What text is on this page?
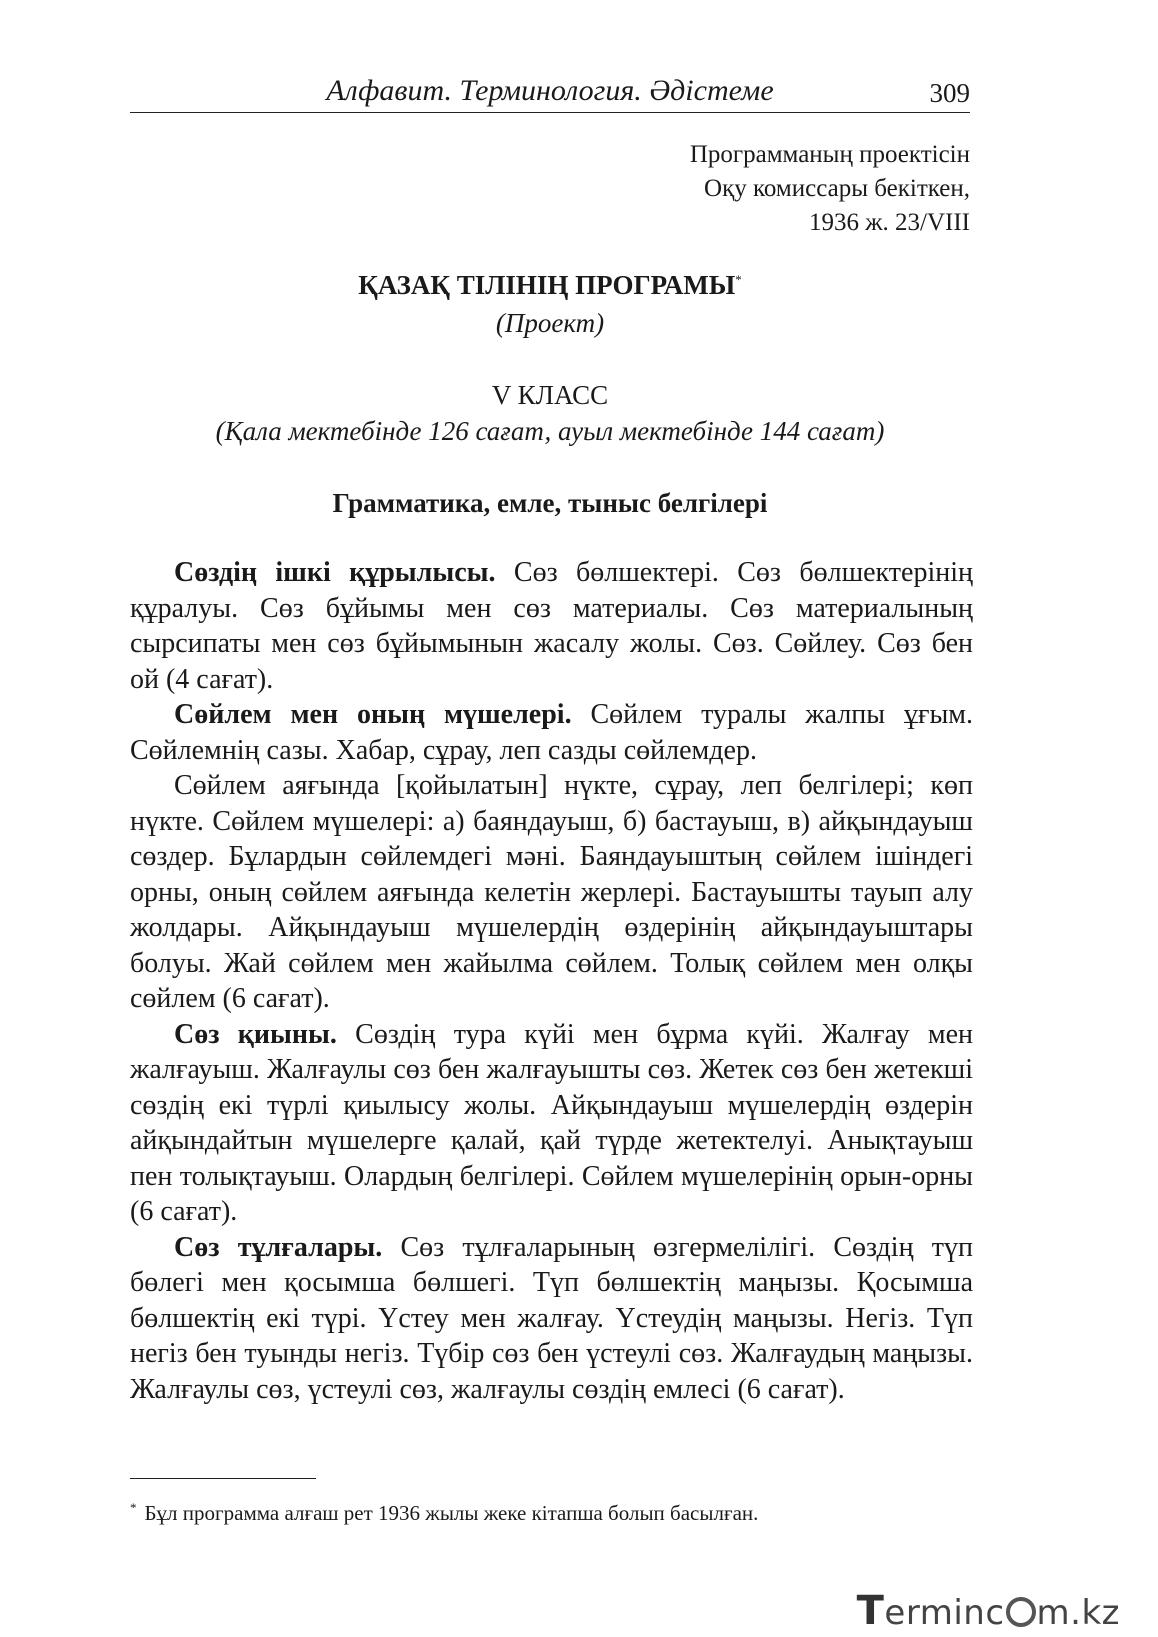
Алфавит. Терминология. Әдістеме	309
Программаның проектісін
Оқу комиссары бекіткен,
1936 ж. 23/VIII
ҚАЗАҚ ТІЛІНІҢ ПРОГРАМЫ*
(Проект)
V КЛАСС
(Қала мектебінде 126 сағат, ауыл мектебінде 144 сағат)
Грамматика, емле, тыныс белгілері

Сөздің ішкі құрылысы. Сөз бөлшектері. Сөз бөлшектерінің құралуы. Сөз бұйымы мен сөз материалы. Сөз материалының сырсипаты мен сөз бұйымынын жасалу жолы. Сөз. Сөйлеу. Сөз бен ой (4 сағат).

Сөйлем мен оның мүшелері. Сөйлем туралы жалпы ұғым. Сөйлемнің сазы. Хабар, сұрау, леп сазды сөйлемдер.

Сөйлем аяғында [қойылатын] нүкте, сұрау, леп белгілері; көп нүкте. Сөйлем мүшелері: а) баяндауыш, б) бастауыш, в) айқындауыш сөздер. Бұлардын сөйлемдегі мәні. Баяндауыштың сөйлем ішіндегі орны, оның сөйлем аяғында келетін жерлері. Бастауышты тауып алу жолдары. Айқындауыш мүшелердің өздерінің айқындауыштары болуы. Жай сөйлем мен жайылма сөйлем. Толық сөйлем мен олқы сөйлем (6 сағат).

Сөз қиыны. Сөздің тура күйі мен бұрма күйі. Жалғау мен жалғауыш. Жалғаулы сөз бен жалғауышты сөз. Жетек сөз бен жетекші сөздің екі түрлі қиылысу жолы. Айқындауыш мүшелердің өздерін айқындайтын мүшелерге қалай, қай түрде жетектелуі. Анықтауыш пен толықтауыш. Олардың белгілері. Сөйлем мүшелерінің орын-орны (6 сағат).

Сөз тұлғалары. Сөз тұлғаларының өзгермелілігі. Сөздің түп бөлегі мен қосымша бөлшегі. Түп бөлшектің маңызы. Қосымша бөлшектің екі түрі. Үстеу мен жалғау. Үстеудің маңызы. Негіз. Түп негіз бен туынды негіз. Түбір сөз бен үстеулі сөз. Жалғаудың маңызы. Жалғаулы сөз, үстеулі сөз, жалғаулы сөздің емлесі (6 сағат).

* Бұл программа алғаш рет 1936 жылы жеке кітапша болып басылған.
Terminc m.kz
